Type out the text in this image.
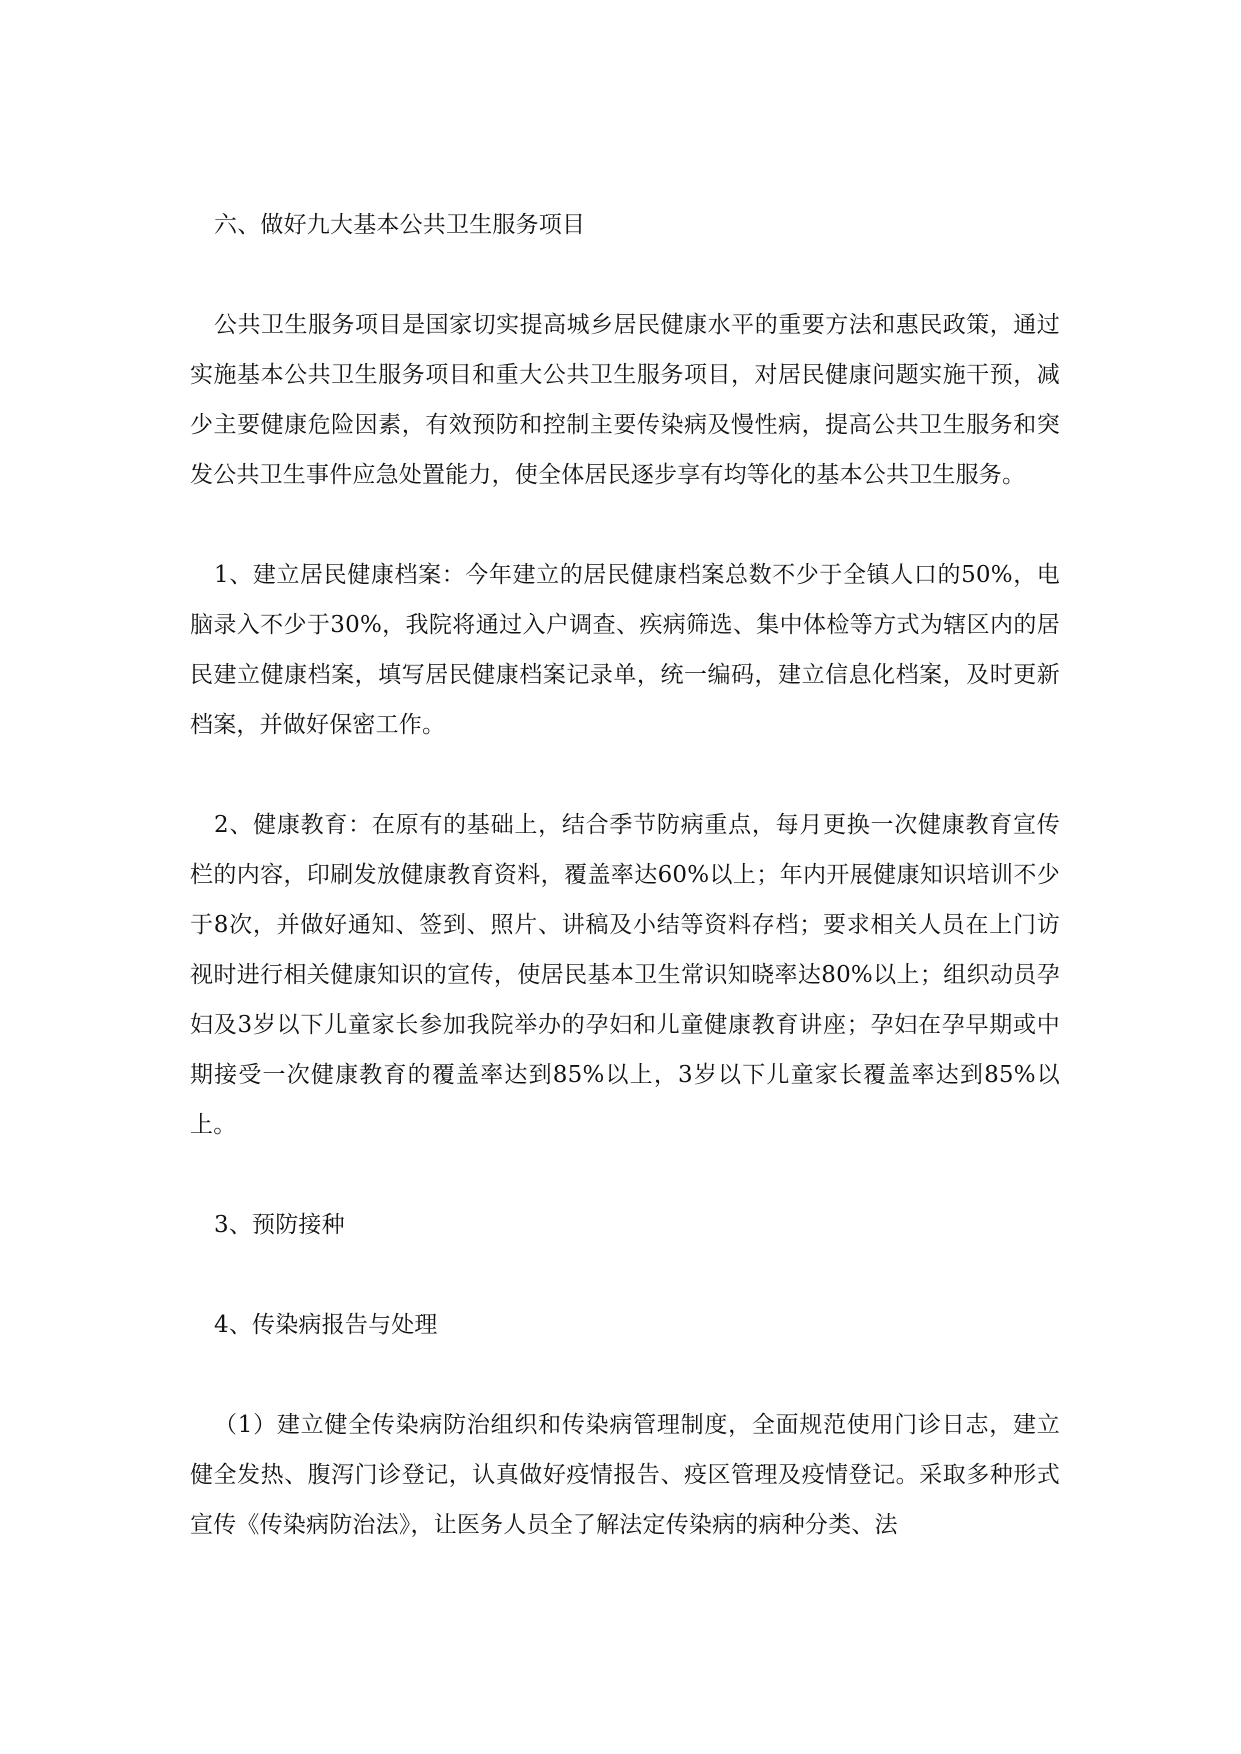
六、做好九大基本公共卫生服务项目

公共卫生服务项目是国家切实提高城乡居民健康水平的重要方法和惠民政策，通过实施基本公共卫生服务项目和重大公共卫生服务项目，对居民健康问题实施干预，减少主要健康危险因素，有效预防和控制主要传染病及慢性病，提高公共卫生服务和突发公共卫生事件应急处置能力，使全体居民逐步享有均等化的基本公共卫生服务。

1、建立居民健康档案：今年建立的居民健康档案总数不少于全镇人口的50%，电脑录入不少于30%，我院将通过入户调查、疾病筛选、集中体检等方式为辖区内的居民建立健康档案，填写居民健康档案记录单，统一编码，建立信息化档案，及时更新档案，并做好保密工作。

2、健康教育：在原有的基础上，结合季节防病重点，每月更换一次健康教育宣传栏的内容，印刷发放健康教育资料，覆盖率达60%以上；年内开展健康知识培训不少于8次，并做好通知、签到、照片、讲稿及小结等资料存档；要求相关人员在上门访视时进行相关健康知识的宣传，使居民基本卫生常识知晓率达80%以上；组织动员孕妇及3岁以下儿童家长参加我院举办的孕妇和儿童健康教育讲座；孕妇在孕早期或中期接受一次健康教育的覆盖率达到85%以上，3岁以下儿童家长覆盖率达到85%以上。

3、预防接种

4、传染病报告与处理

（1）建立健全传染病防治组织和传染病管理制度，全面规范使用门诊日志，建立健全发热、腹泻门诊登记，认真做好疫情报告、疫区管理及疫情登记。采取多种形式宣传《传染病防治法》，让医务人员全了解法定传染病的病种分类、法
